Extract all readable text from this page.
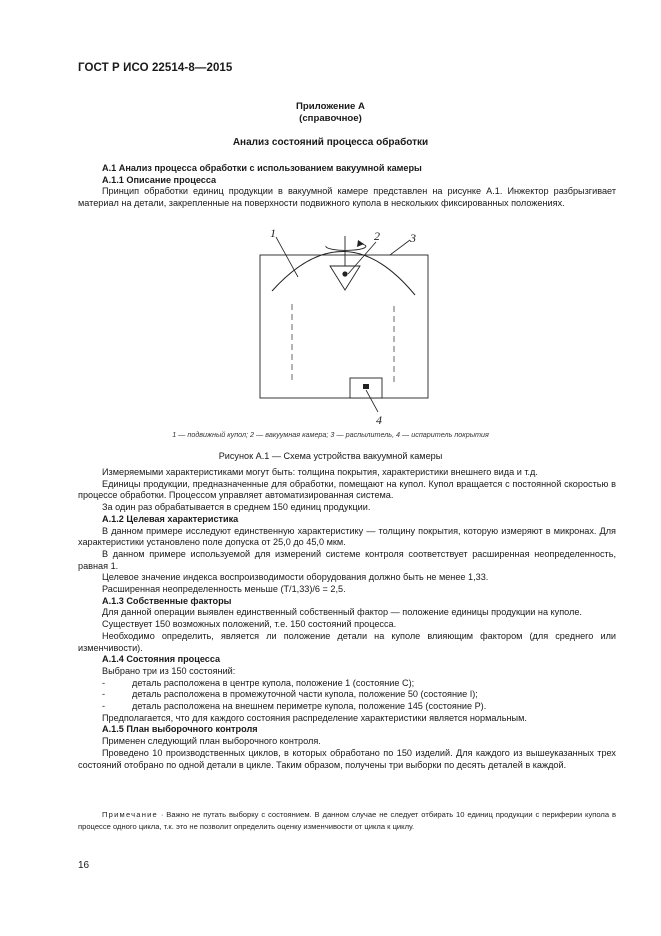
ГОСТ Р ИСО 22514-8—2015
Приложение А
(справочное)
Анализ состояний процесса обработки

А.1 Анализ процесса обработки с использованием вакуумной камеры

А.1.1 Описание процесса

Принцип обработки единиц продукции в вакуумной камере представлен на рисунке А.1. Инжектор разбрызгивает материал на детали, закрепленные на поверхности подвижного купола в нескольких фиксированных положениях.

1	2	3
4
1 — подвижный купол; 2 — вакуумная камера; 3 — распылитель, 4 — испаритель покрытия
Рисунок А.1 — Схема устройства вакуумной камеры

Измеряемыми характеристиками могут быть: толщина покрытия, характеристики внешнего вида и т.д.

Единицы продукции, предназначенные для обработки, помещают на купол. Купол вращается с постоянной скоростью в процессе обработки. Процессом управляет автоматизированная система.

За один раз обрабатывается в среднем 150 единиц продукции.

А.1.2 Целевая характеристика

В данном примере исследуют единственную характеристику — толщину покрытия, которую измеряют в микронах. Для характеристики установлено поле допуска от 25,0 до 45,0 мкм.

В данном примере используемой для измерений системе контроля соответствует расширенная неопределенность, равная 1.

Целевое значение индекса воспроизводимости оборудования должно быть не менее 1,33.

Расширенная неопределенность меньше (Т/1,33)/6 = 2,5.

А.1.3 Собственные факторы

Для данной операции выявлен единственный собственный фактор — положение единицы продукции на куполе.

Существует 150 возможных положений, т.е. 150 состояний процесса.

Необходимо определить, является ли положение детали на куполе влияющим фактором (для среднего или изменчивости).

А.1.4 Состояния процесса

Выбрано три из 150 состояний:

-	деталь расположена в центре купола, положение 1 (состояние С);

-	деталь расположена в промежуточной части купола, положение 50 (состояние I);

-	деталь расположена на внешнем периметре купола, положение 145 (состояние Р).

Предполагается, что для каждого состояния распределение характеристики является нормальным.

А.1.5 План выборочного контроля

Применен следующий план выборочного контроля.

Проведено 10 производственных циклов, в которых обработано по 150 изделий. Для каждого из вышеуказанных трех состояний отобрано по одной детали в цикле. Таким образом, получены три выборки по десять деталей в каждой.

Примечание · Важно не путать выборку с состоянием. В данном случае не следует отбирать 10 единиц продукции с периферии купола в процессе одного цикла, т.к. это не позволит определить оценку изменчивости от цикла к циклу.
16
